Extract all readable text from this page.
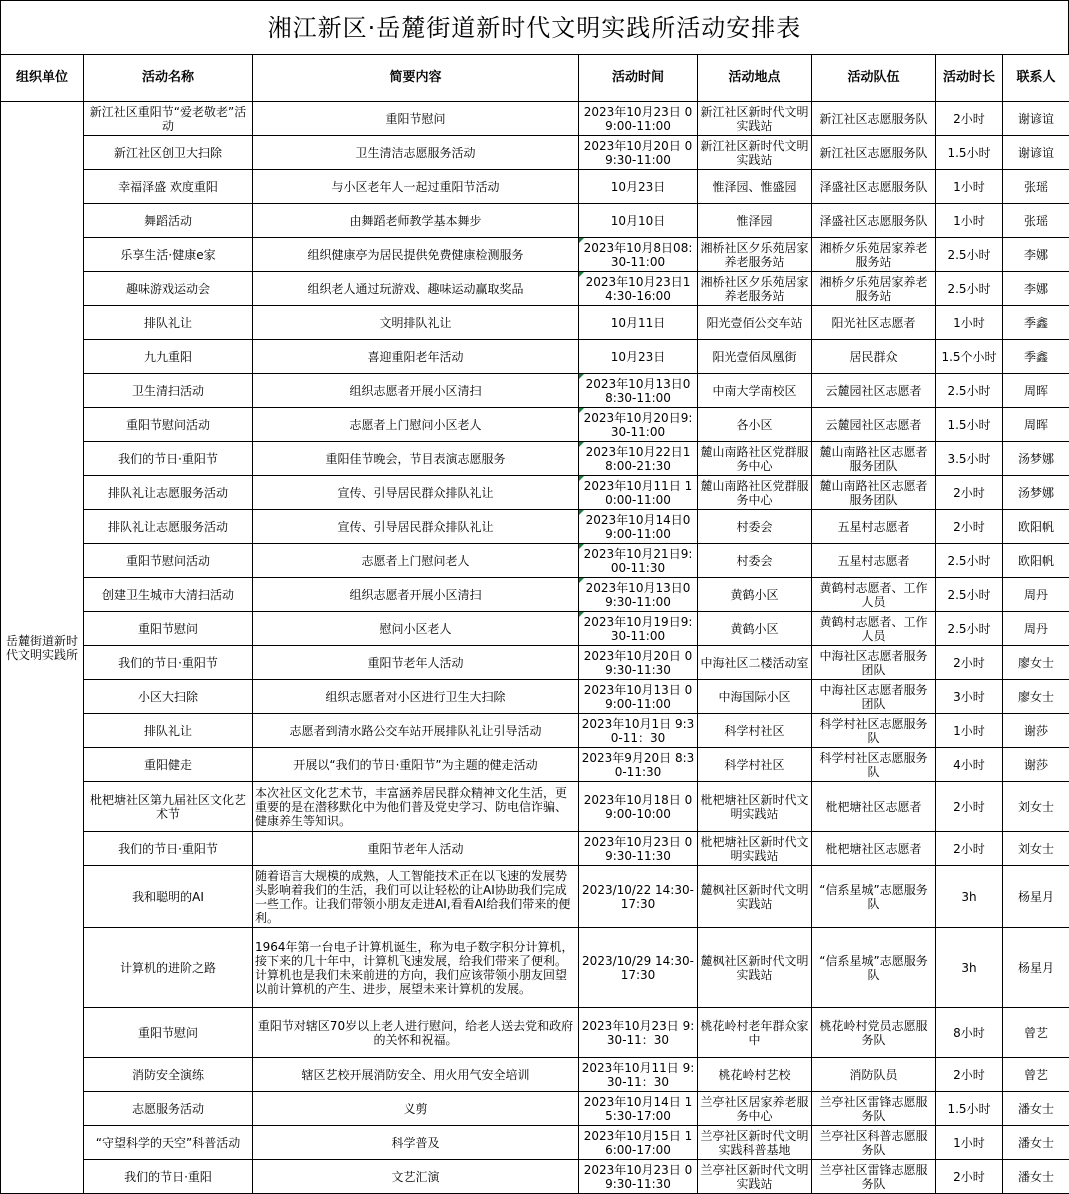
湘江新区·岳麓街道新时代文明实践所活动安排表
组织单位	活动名称	简要内容	活动时间	活动地点	活动队伍	活动时长	联系人
岳麓街道新时代文明实践所	新江社区重阳节“爱老敬老”活动	重阳节慰问	2023年10月23日 09:00-11:00	新江社区新时代文明实践站	新江社区志愿服务队	2小时	谢谚谊
	新江社区创卫大扫除	卫生清洁志愿服务活动	2023年10月20日 09:30-11:00	新江社区新时代文明实践站	新江社区志愿服务队	1.5小时	谢谚谊
	幸福泽盛 欢度重阳	与小区老年人一起过重阳节活动	10月23日	惟泽园、惟盛园	泽盛社区志愿服务队	1小时	张瑶
	舞蹈活动	由舞蹈老师教学基本舞步	10月10日	惟泽园	泽盛社区志愿服务队	1小时	张瑶
	乐享生活·健康e家	组织健康亭为居民提供免费健康检测服务	2023年10月8日08:30-11:00	湘桥社区夕乐苑居家养老服务站	湘桥夕乐苑居家养老服务站	2.5小时	李娜
	趣味游戏运动会	组织老人通过玩游戏、趣味运动赢取奖品	2023年10月23日14:30-16:00	湘桥社区夕乐苑居家养老服务站	湘桥夕乐苑居家养老服务站	2.5小时	李娜
	排队礼让	文明排队礼让	10月11日	阳光壹佰公交车站	阳光社区志愿者	1小时	季鑫
	九九重阳	喜迎重阳老年活动	10月23日	阳光壹佰凤凰街	居民群众	1.5个小时	季鑫
	卫生清扫活动	组织志愿者开展小区清扫	2023年10月13日08:30-11:00	中南大学南校区	云麓园社区志愿者	2.5小时	周晖
	重阳节慰问活动	志愿者上门慰问小区老人	2023年10月20日9:30-11:00	各小区	云麓园社区志愿者	1.5小时	周晖
	我们的节日·重阳节	重阳佳节晚会，节目表演志愿服务	2023年10月22日18:00-21:30	麓山南路社区党群服务中心	麓山南路社区志愿者服务团队	3.5小时	汤梦娜
	排队礼让志愿服务活动	宣传、引导居民群众排队礼让	2023年10月11日 10:00-11:00	麓山南路社区党群服务中心	麓山南路社区志愿者服务团队	2小时	汤梦娜
	排队礼让志愿服务活动	宣传、引导居民群众排队礼让	2023年10月14日09:00-11:00	村委会	五星村志愿者	2小时	欧阳帆
	重阳节慰问活动	志愿者上门慰问老人	2023年10月21日9:00-11:30	村委会	五星村志愿者	2.5小时	欧阳帆
	创建卫生城市大清扫活动	组织志愿者开展小区清扫	2023年10月13日09:30-11:00	黄鹤小区	黄鹤村志愿者、工作人员	2.5小时	周丹
	重阳节慰问	慰问小区老人	2023年10月19日9:30-11:00	黄鹤小区	黄鹤村志愿者、工作人员	2.5小时	周丹
	我们的节日·重阳节	重阳节老年人活动	2023年10月20日 09:30-11:30	中海社区二楼活动室	中海社区志愿者服务团队	2小时	廖女士
	小区大扫除	组织志愿者对小区进行卫生大扫除	2023年10月13日 09:00-11:00	中海国际小区	中海社区志愿者服务团队	3小时	廖女士
	排队礼让	志愿者到清水路公交车站开展排队礼让引导活动	2023年10月1日 9:30-11：30	科学村社区	科学村社区志愿服务队	1小时	谢莎
	重阳健走	开展以“我们的节日·重阳节”为主题的健走活动	2023年9月20日 8:30-11:30	科学村社区	科学村社区志愿服务队	4小时	谢莎
	枇杷塘社区第九届社区文化艺术节	本次社区文化艺术节，丰富涵养居民群众精神文化生活，更重要的是在潜移默化中为他们普及党史学习、防电信诈骗、健康养生等知识。	2023年10月18日 09:00-10:00	枇杷塘社区新时代文明实践站	枇杷塘社区志愿者	2小时	刘女士
	我们的节日·重阳节	重阳节老年人活动	2023年10月23日 09:30-11:30	枇杷塘社区新时代文明实践站	枇杷塘社区志愿者	2小时	刘女士
	我和聪明的AI	随着语言大规模的成熟，人工智能技术正在以飞速的发展势头影响着我们的生活，我们可以让轻松的让AI协助我们完成一些工作。让我们带领小朋友走进AI,看看AI给我们带来的便利。	2023/10/22 14:30-17:30	麓枫社区新时代文明实践站	“信系星城”志愿服务队	3h	杨星月
	计算机的进阶之路	1964年第一台电子计算机诞生，称为电子数字积分计算机，接下来的几十年中，计算机飞速发展，给我们带来了便利。计算机也是我们未来前进的方向，我们应该带领小朋友回望以前计算机的产生、进步，展望未来计算机的发展。	2023/10/29 14:30-17:30	麓枫社区新时代文明实践站	“信系星城”志愿服务队	3h	杨星月
	重阳节慰问	重阳节对辖区70岁以上老人进行慰问，给老人送去党和政府的关怀和祝福。	2023年10月23日 9:30-11：30	桃花岭村老年群众家中	桃花岭村党员志愿服务队	8小时	曾艺
	消防安全演练	辖区艺校开展消防安全、用火用气安全培训	2023年10月11日 9:30-11：30	桃花岭村艺校	消防队员	2小时	曾艺
	志愿服务活动	义剪	2023年10月14日 15:30-17:00	兰亭社区居家养老服务中心	兰亭社区雷锋志愿服务队	1.5小时	潘女士
	“守望科学的天空”科普活动	科学普及	2023年10月15日 16:00-17:00	兰亭社区新时代文明实践科普基地	兰亭社区科普志愿服务队	1小时	潘女士
	我们的节日·重阳	文艺汇演	2023年10月23日 09:30-11:30	兰亭社区新时代文明实践站	兰亭社区雷锋志愿服务队	2小时	潘女士
